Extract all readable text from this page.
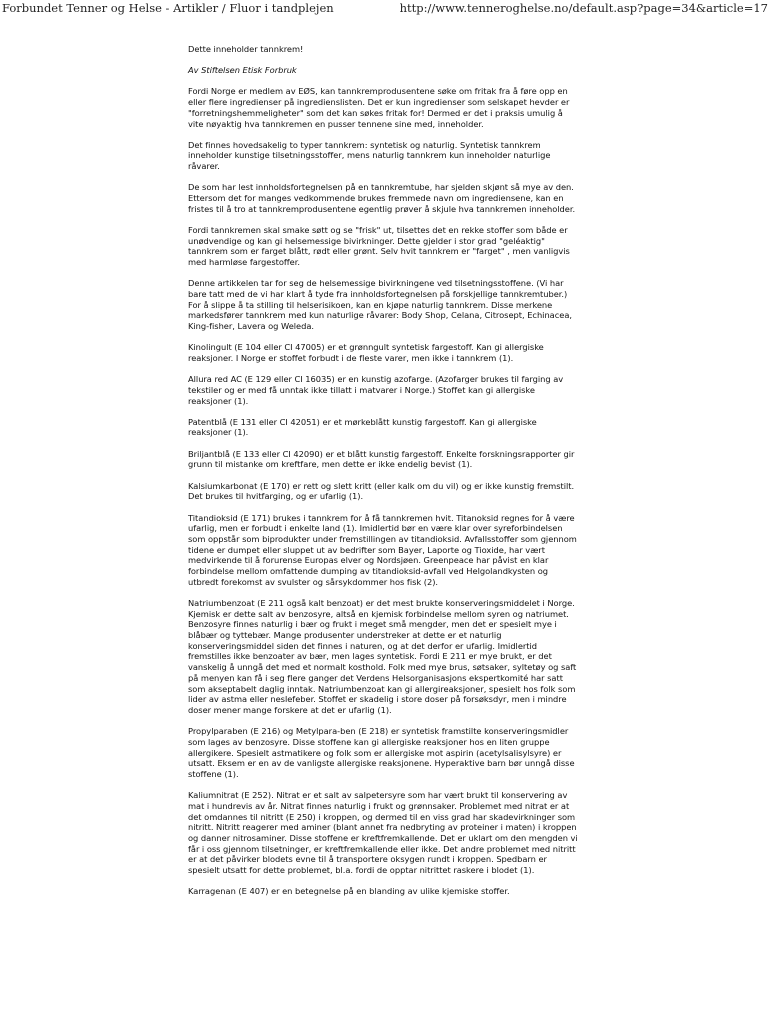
Forbundet Tenner og Helse - Artikler / Fluor i tandplejen	http://www.tenneroghelse.no/default.asp?page=34&article=17

Dette inneholder tannkrem!

Av Stiftelsen Etisk Forbruk

Fordi Norge er medlem av EØS, kan tannkremprodusentene søke om fritak fra å føre opp en eller flere ingredienser på ingredienslisten. Det er kun ingredienser som selskapet hevder er "forretningshemmeligheter" som det kan søkes fritak for! Dermed er det i praksis umulig å vite nøyaktig hva tannkremen en pusser tennene sine med, inneholder.

Det finnes hovedsakelig to typer tannkrem: syntetisk og naturlig. Syntetisk tannkrem inneholder kunstige tilsetningsstoffer, mens naturlig tannkrem kun inneholder naturlige råvarer.

De som har lest innholdsfortegnelsen på en tannkremtube, har sjelden skjønt så mye av den. Ettersom det for manges vedkommende brukes fremmede navn om ingrediensene, kan en fristes til å tro at tannkremprodusentene egentlig prøver å skjule hva tannkremen inneholder.

Fordi tannkremen skal smake søtt og se "frisk" ut, tilsettes det en rekke stoffer som både er unødvendige og kan gi helsemessige bivirkninger. Dette gjelder i stor grad "geléaktig" tannkrem som er farget blått, rødt eller grønt. Selv hvit tannkrem er "farget" , men vanligvis med harmløse fargestoffer.

Denne artikkelen tar for seg de helsemessige bivirkningene ved tilsetningsstoffene. (Vi har bare tatt med de vi har klart å tyde fra innholdsfortegnelsen på forskjellige tannkremtuber.) For å slippe å ta stilling til helserisikoen, kan en kjøpe naturlig tannkrem. Disse merkene markedsfører tannkrem med kun naturlige råvarer: Body Shop, Celana, Citrosept, Echinacea, King-fisher, Lavera og Weleda.

Kinolingult (E 104 eller CI 47005) er et grønngult syntetisk fargestoff. Kan gi allergiske reaksjoner. I Norge er stoffet forbudt i de fleste varer, men ikke i tannkrem (1).

Allura red AC (E 129 eller CI 16035) er en kunstig azofarge. (Azofarger brukes til farging av tekstiler og er med få unntak ikke tillatt i matvarer i Norge.) Stoffet kan gi allergiske reaksjoner (1).

Patentblå (E 131 eller CI 42051) er et mørkeblått kunstig fargestoff. Kan gi allergiske reaksjoner (1).

Briljantblå (E 133 eller CI 42090) er et blått kunstig fargestoff. Enkelte forskningsrapporter gir grunn til mistanke om kreftfare, men dette er ikke endelig bevist (1).

Kalsiumkarbonat (E 170) er rett og slett kritt (eller kalk om du vil) og er ikke kunstig fremstilt. Det brukes til hvitfarging, og er ufarlig (1).

Titandioksid (E 171) brukes i tannkrem for å få tannkremen hvit. Titanoksid regnes for å være ufarlig, men er forbudt i enkelte land (1). Imidlertid bør en være klar over syreforbindelsen som oppstår som biprodukter under fremstillingen av titandioksid. Avfallsstoffer som gjennom tidene er dumpet eller sluppet ut av bedrifter som Bayer, Laporte og Tioxide, har vært medvirkende til å forurense Europas elver og Nordsjøen. Greenpeace har påvist en klar forbindelse mellom omfattende dumping av titandioksid-avfall ved Helgolandkysten og utbredt forekomst av svulster og sårsykdommer hos fisk (2).

Natriumbenzoat (E 211 også kalt benzoat) er det mest brukte konserveringsmiddelet i Norge. Kjemisk er dette salt av benzosyre, altså en kjemisk forbindelse mellom syren og natriumet. Benzosyre finnes naturlig i bær og frukt i meget små mengder, men det er spesielt mye i blåbær og tyttebær. Mange produsenter understreker at dette er et naturlig konserveringsmiddel siden det finnes i naturen, og at det derfor er ufarlig. Imidlertid fremstilles ikke benzoater av bær, men lages syntetisk. Fordi E 211 er mye brukt, er det vanskelig å unngå det med et normalt kosthold. Folk med mye brus, søtsaker, syltetøy og saft på menyen kan få i seg flere ganger det Verdens Helsorganisasjons ekspertkomité har satt som akseptabelt daglig inntak. Natriumbenzoat kan gi allergireaksjoner, spesielt hos folk som lider av astma eller neslefeber. Stoffet er skadelig i store doser på forsøksdyr, men i mindre doser mener mange forskere at det er ufarlig (1).

Propylparaben (E 216) og Metylpara-ben (E 218) er syntetisk framstilte konserveringsmidler som lages av benzosyre. Disse stoffene kan gi allergiske reaksjoner hos en liten gruppe allergikere. Spesielt astmatikere og folk som er allergiske mot aspirin (acetylsalisylsyre) er utsatt. Eksem er en av de vanligste allergiske reaksjonene. Hyperaktive barn bør unngå disse stoffene (1).

Kaliumnitrat (E 252). Nitrat er et salt av salpetersyre som har vært brukt til konservering av mat i hundrevis av år. Nitrat finnes naturlig i frukt og grønnsaker. Problemet med nitrat er at det omdannes til nitritt (E 250) i kroppen, og dermed til en viss grad har skadevirkninger som nitritt. Nitritt reagerer med aminer (blant annet fra nedbryting av proteiner i maten) i kroppen og danner nitrosaminer. Disse stoffene er kreftfremkallende. Det er uklart om den mengden vi får i oss gjennom tilsetninger, er kreftfremkallende eller ikke. Det andre problemet med nitritt er at det påvirker blodets evne til å transportere oksygen rundt i kroppen. Spedbarn er spesielt utsatt for dette problemet, bl.a. fordi de opptar nitrittet raskere i blodet (1).

Karragenan (E 407) er en betegnelse på en blanding av ulike kjemiske stoffer.
